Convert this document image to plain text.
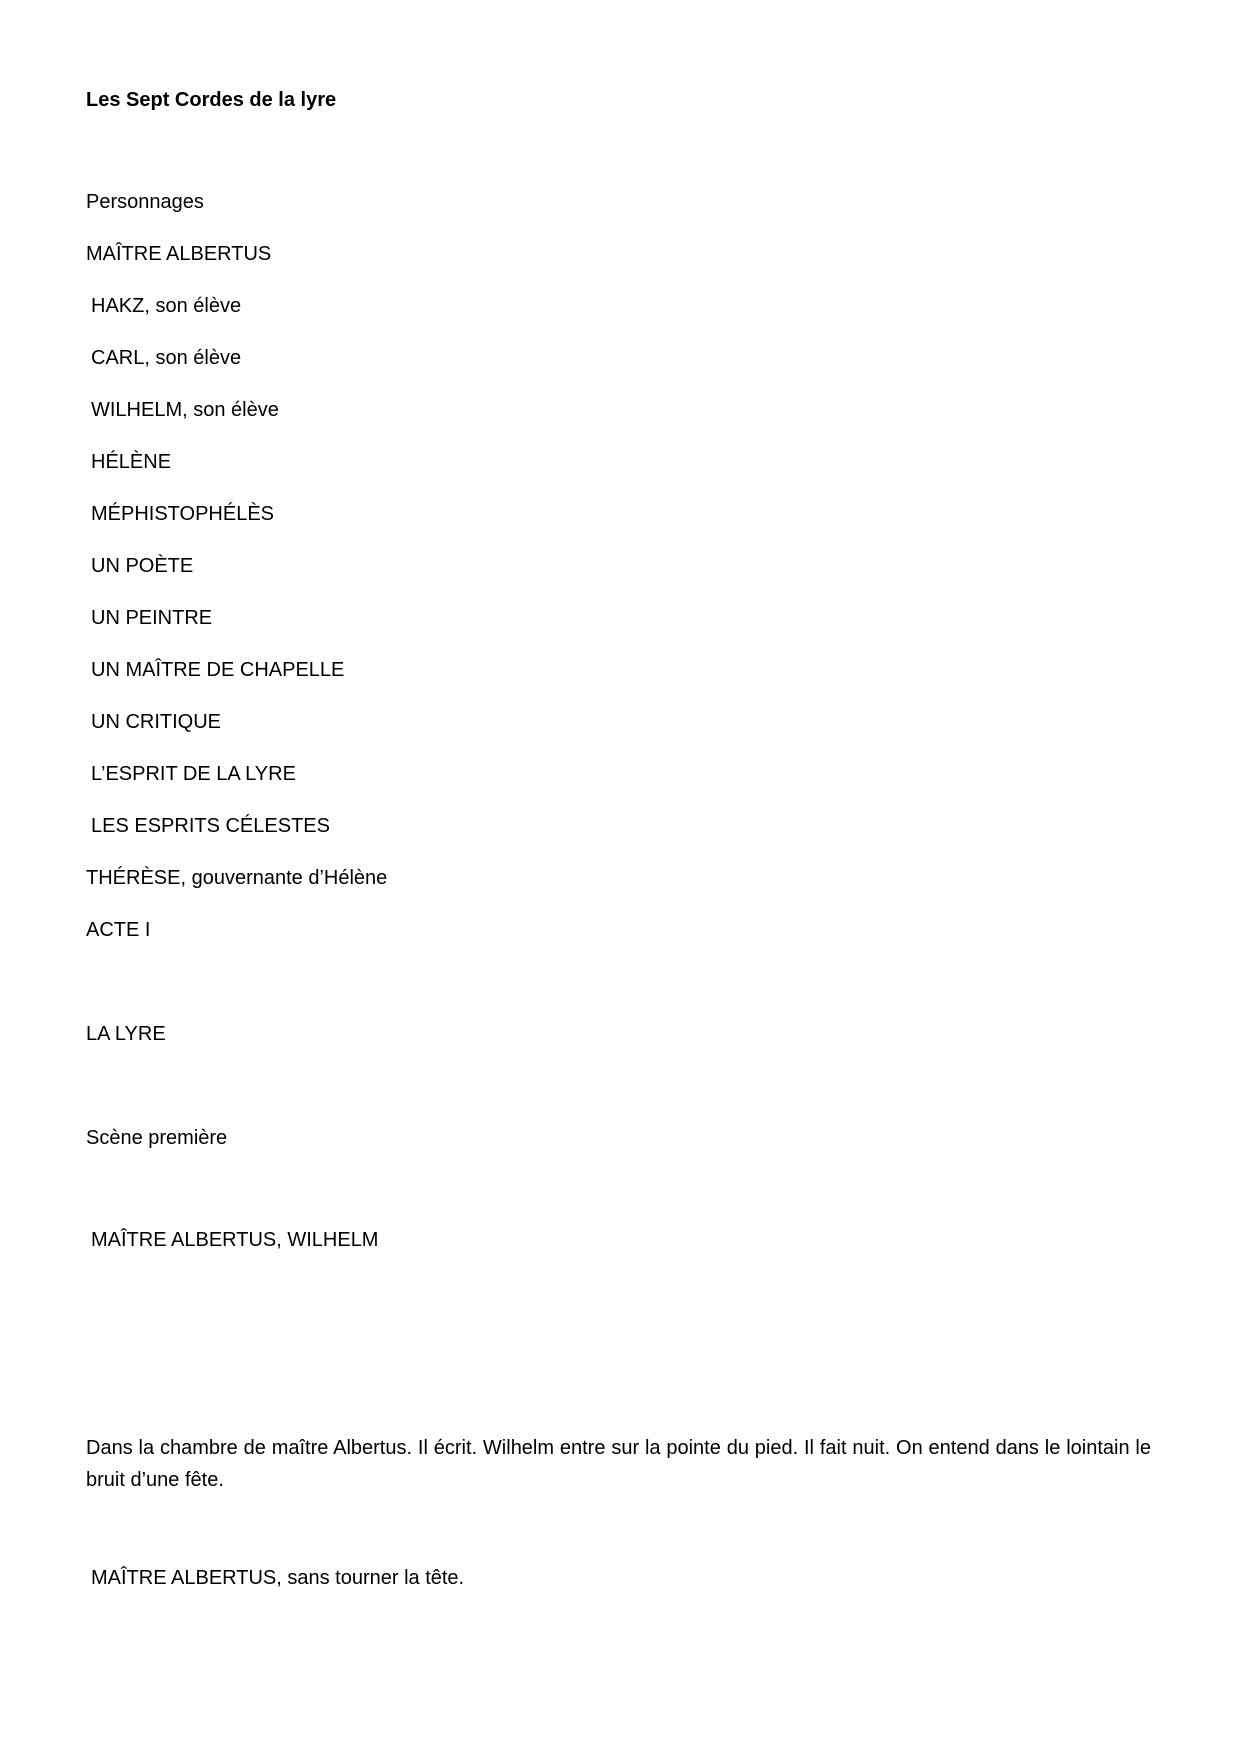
Les Sept Cordes de la lyre
Personnages
MAÎTRE ALBERTUS
HAKZ, son élève
CARL, son élève
WILHELM, son élève
HÉLÈNE
MÉPHISTOPHÉLÈS
UN POÈTE
UN PEINTRE
UN MAÎTRE DE CHAPELLE
UN CRITIQUE
L’ESPRIT DE LA LYRE
LES ESPRITS CÉLESTES
THÉRÈSE, gouvernante d’Hélène
ACTE I
LA LYRE
Scène première
MAÎTRE ALBERTUS, WILHELM
Dans la chambre de maître Albertus. Il écrit. Wilhelm entre sur la pointe du pied. Il fait nuit. On entend dans le lointain le bruit d’une fête.
MAÎTRE ALBERTUS, sans tourner la tête.
